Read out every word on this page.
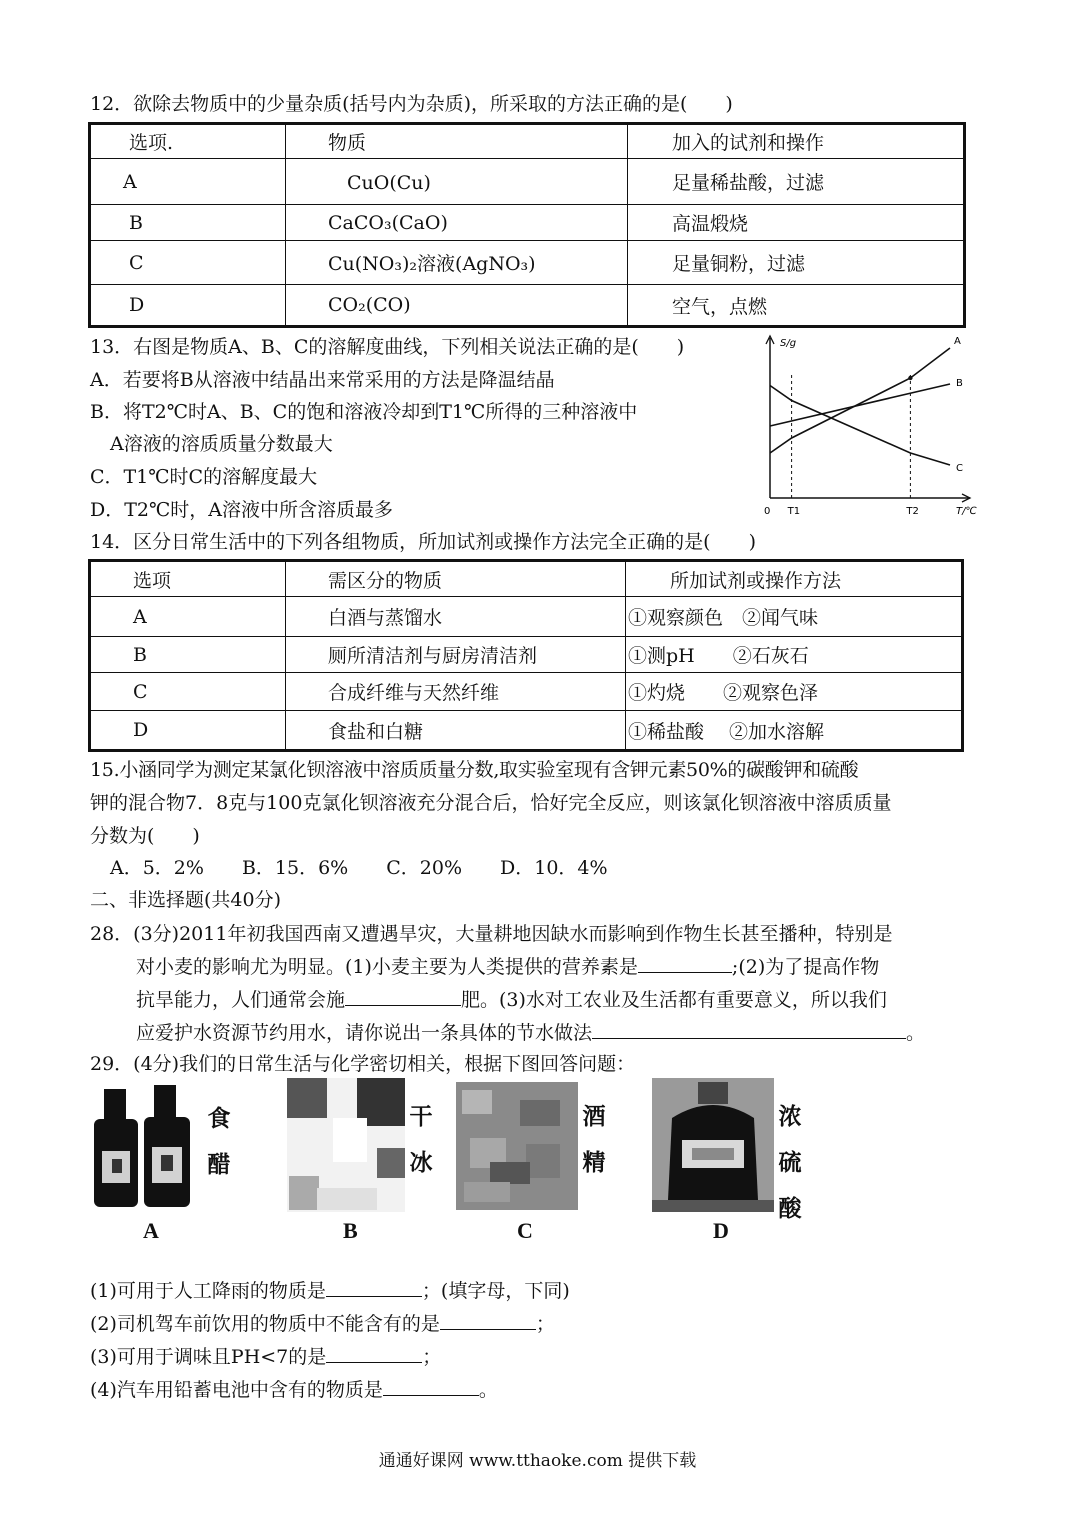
12．欲除去物质中的少量杂质(括号内为杂质)，所采取的方法正确的是(　　)
选项.	物质	加入的试剂和操作
A	　CuO(Cu)	足量稀盐酸，过滤
B	CaCO₃(CaO)	高温煅烧
C	Cu(NO₃)₂溶液(AgNO₃)	足量铜粉，过滤
D	CO₂(CO)	空气，点燃
13．右图是物质A、B、C的溶解度曲线，下列相关说法正确的是(　　)
A．若要将B从溶液中结晶出来常采用的方法是降温结晶
B．将T2℃时A、B、C的饱和溶液冷却到T1℃所得的三种溶液中
A溶液的溶质质量分数最大
C．T1℃时C的溶解度最大
D．T2℃时，A溶液中所含溶质最多
S/g
T/℃
0 T1	T2
A
B
C
14．区分日常生活中的下列各组物质，所加试剂或操作方法完全正确的是(　　)
选项	需区分的物质	所加试剂或操作方法
A	白酒与蒸馏水	①观察颜色　②闻气味
B	厕所清洁剂与厨房清洁剂	①测pH　　②石灰石
C	合成纤维与天然纤维	①灼烧　　②观察色泽
D	食盐和白糖	①稀盐酸　 ②加水溶解
15.小涵同学为测定某氯化钡溶液中溶质质量分数,取实验室现有含钾元素50%的碳酸钾和硫酸
钾的混合物7．8克与100克氯化钡溶液充分混合后，恰好完全反应，则该氯化钡溶液中溶质质量
分数为(　　)
A．5．2%　　B．15．6%　　C．20%　　D．10．4%
二、非选择题(共40分)
28．(3分)2011年初我国西南又遭遇旱灾，大量耕地因缺水而影响到作物生长甚至播种，特别是
对小麦的影响尤为明显。(1)小麦主要为人类提供的营养素是	;(2)为了提高作物
抗旱能力，人们通常会施	肥。(3)水对工农业及生活都有重要意义，所以我们
应爱护水资源节约用水，请你说出一条具体的节水做法	。
29．(4分)我们的日常生活与化学密切相关，根据下图回答问题：
食
醋
A
干
冰
B
酒
精
C
浓
硫
酸
D
(1)可用于人工降雨的物质是	；(填字母，下同)
(2)司机驾车前饮用的物质中不能含有的是	；
(3)可用于调味且PH<7的是	；
(4)汽车用铅蓄电池中含有的物质是	。
通通好课网 www.tthaoke.com 提供下载
